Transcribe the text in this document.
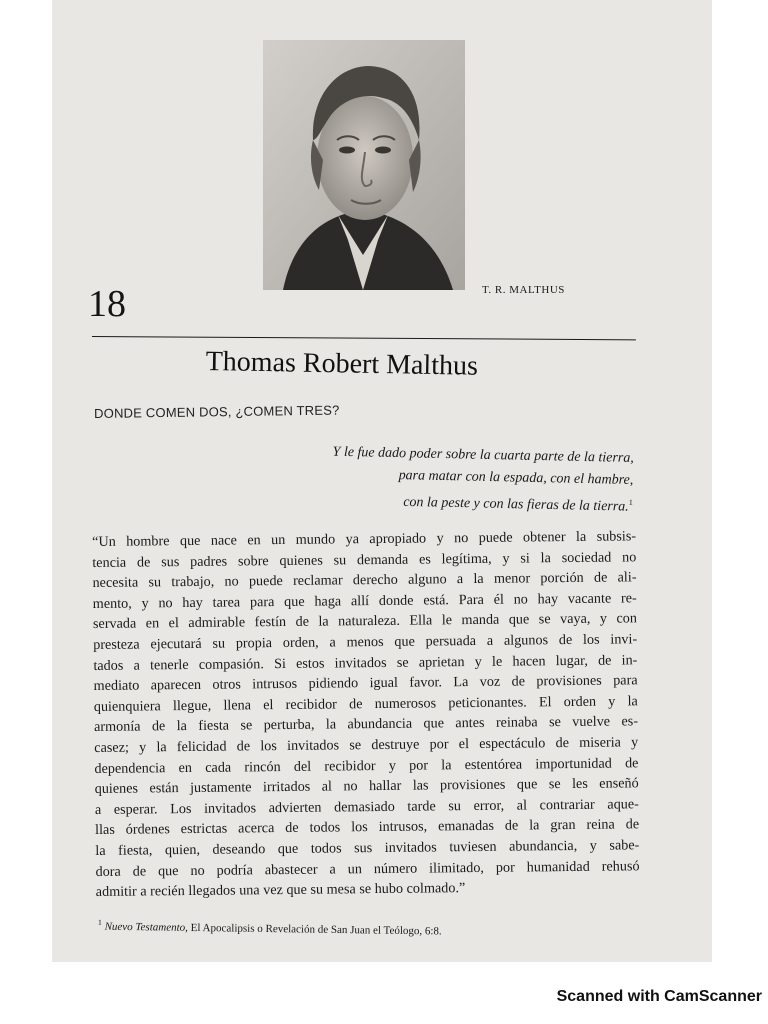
T. R. MALTHUS
18
Thomas Robert Malthus
DONDE COMEN DOS, ¿COMEN TRES?
Y le fue dado poder sobre la cuarta parte de la tierra,
para matar con la espada, con el hambre,
con la peste y con las fieras de la tierra.$^1$
“Un hombre que nace en un mundo ya apropiado y no puede obtener la subsis-
tencia de sus padres sobre quienes su demanda es legítima, y si la sociedad no
necesita su trabajo, no puede reclamar derecho alguno a la menor porción de ali-
mento, y no hay tarea para que haga allí donde está. Para él no hay vacante re-
servada en el admirable festín de la naturaleza. Ella le manda que se vaya, y con
presteza ejecutará su propia orden, a menos que persuada a algunos de los invi-
tados a tenerle compasión. Si estos invitados se aprietan y le hacen lugar, de in-
mediato aparecen otros intrusos pidiendo igual favor. La voz de provisiones para
quienquiera llegue, llena el recibidor de numerosos peticionantes. El orden y la
armonía de la fiesta se perturba, la abundancia que antes reinaba se vuelve es-
casez; y la felicidad de los invitados se destruye por el espectáculo de miseria y
dependencia en cada rincón del recibidor y por la estentórea importunidad de
quienes están justamente irritados al no hallar las provisiones que se les enseñó
a esperar. Los invitados advierten demasiado tarde su error, al contrariar aque-
llas órdenes estrictas acerca de todos los intrusos, emanadas de la gran reina de
la fiesta, quien, deseando que todos sus invitados tuviesen abundancia, y sabe-
dora de que no podría abastecer a un número ilimitado, por humanidad rehusó
admitir a recién llegados una vez que su mesa se hubo colmado.”
$^1$ Nuevo Testamento, El Apocalipsis o Revelación de San Juan el Teólogo, 6:8.
Scanned with CamScanner
